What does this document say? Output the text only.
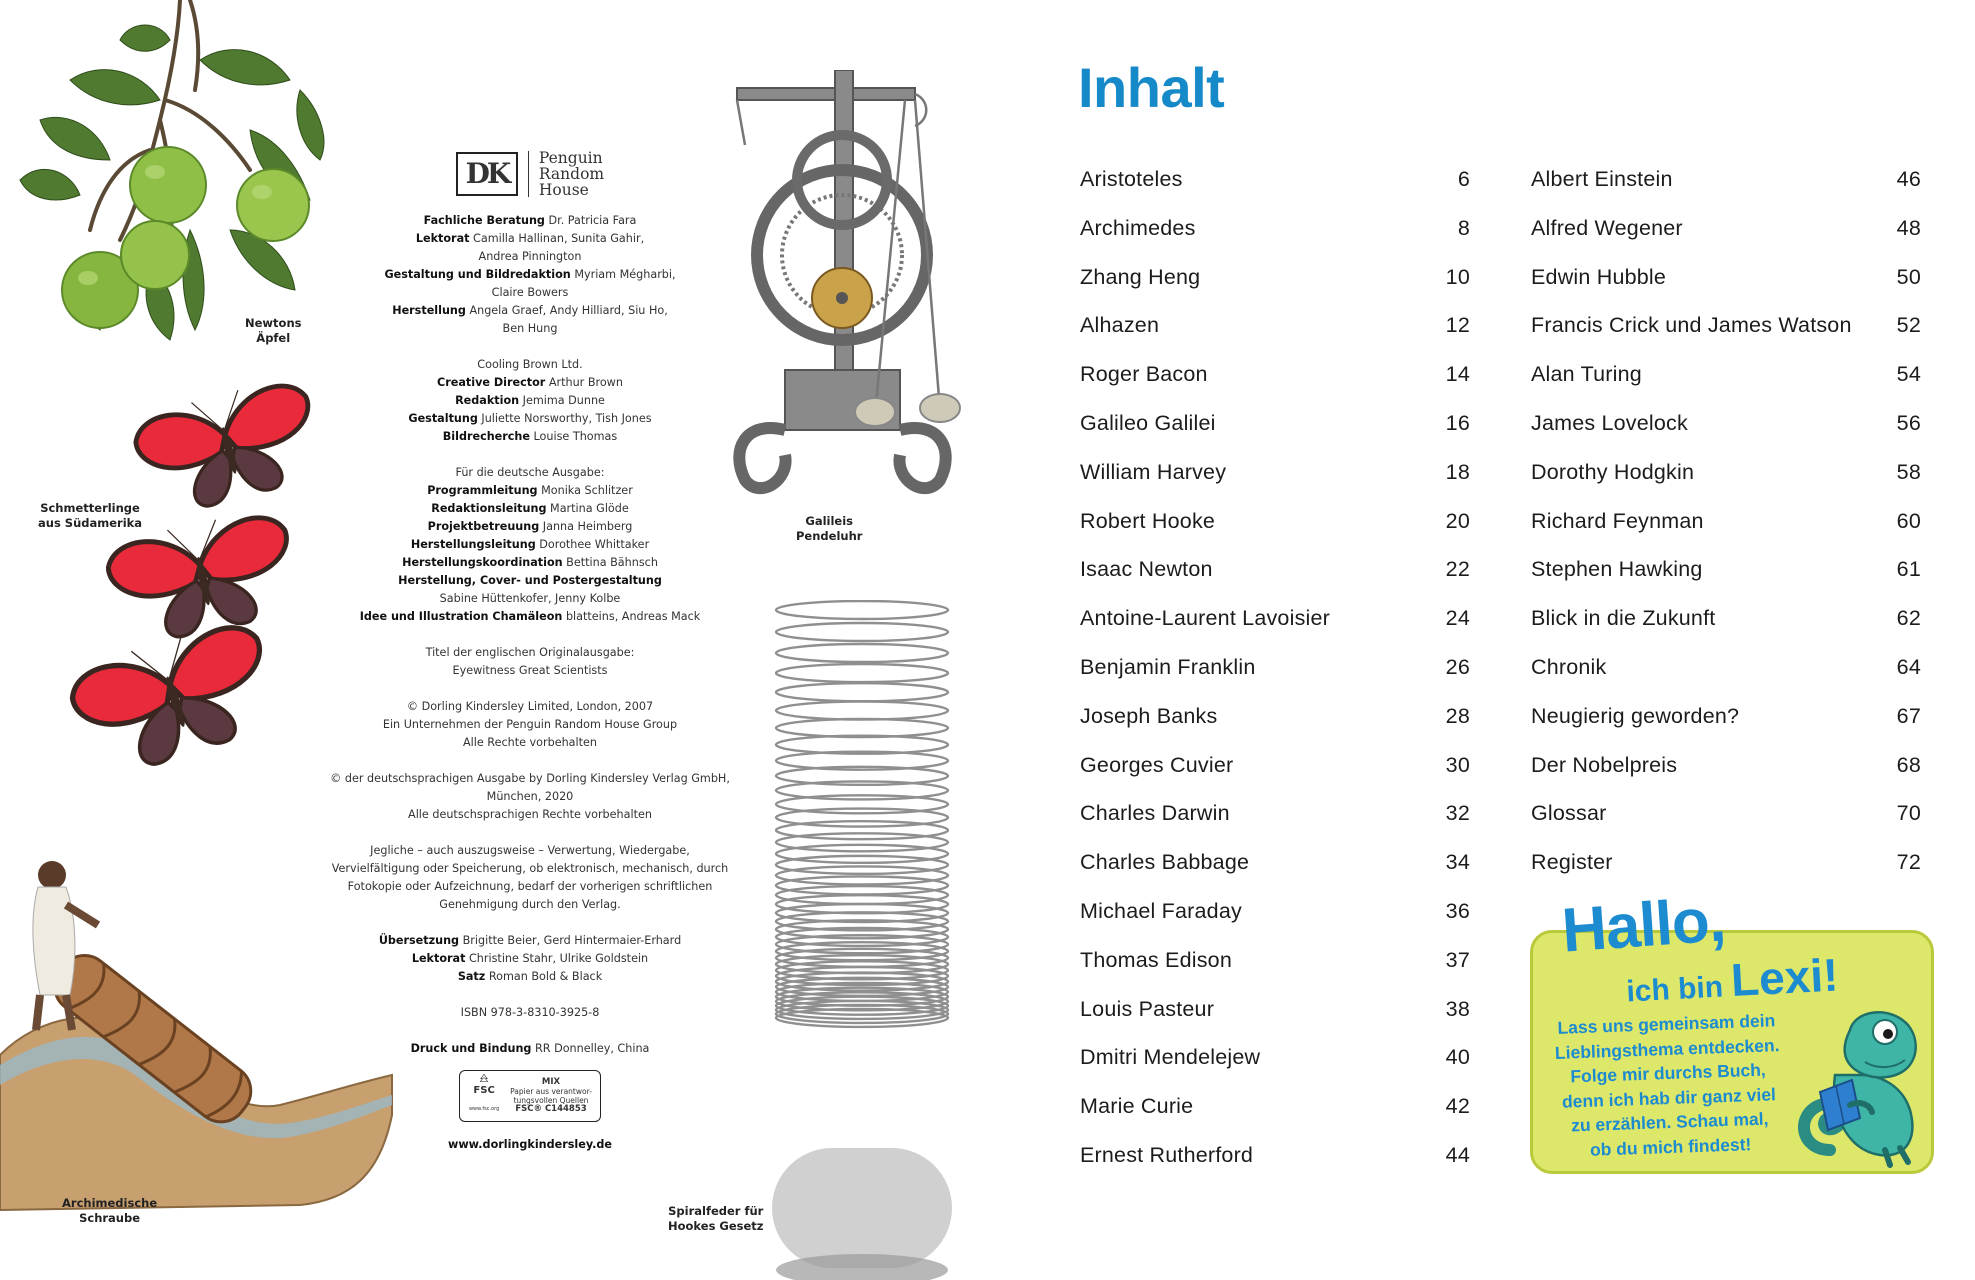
Newtons
Äpfel
Schmetterlinge
aus Südamerika
Archimedische
Schraube
DK	Penguin
Random
House
Fachliche Beratung Dr. Patricia Fara
Lektorat Camilla Hallinan, Sunita Gahir,
Andrea Pinnington
Gestaltung und Bildredaktion Myriam Mégharbi,
Claire Bowers
Herstellung Angela Graef, Andy Hilliard, Siu Ho,
Ben Hung
Cooling Brown Ltd.
Creative Director Arthur Brown
Redaktion Jemima Dunne
Gestaltung Juliette Norsworthy, Tish Jones
Bildrecherche Louise Thomas
Für die deutsche Ausgabe:
Programmleitung Monika Schlitzer
Redaktionsleitung Martina Glöde
Projektbetreuung Janna Heimberg
Herstellungsleitung Dorothee Whittaker
Herstellungskoordination Bettina Bähnsch
Herstellung, Cover- und Postergestaltung
Sabine Hüttenkofer, Jenny Kolbe
Idee und Illustration Chamäleon blatteins, Andreas Mack
Titel der englischen Originalausgabe:
Eyewitness Great Scientists
© Dorling Kindersley Limited, London, 2007
Ein Unternehmen der Penguin Random House Group
Alle Rechte vorbehalten
© der deutschsprachigen Ausgabe by Dorling Kindersley Verlag GmbH,
München, 2020
Alle deutschsprachigen Rechte vorbehalten
Jegliche – auch auszugsweise – Verwertung, Wiedergabe,
Vervielfältigung oder Speicherung, ob elektronisch, mechanisch, durch
Fotokopie oder Aufzeichnung, bedarf der vorherigen schriftlichen
Genehmigung durch den Verlag.
Übersetzung Brigitte Beier, Gerd Hintermaier-Erhard
Lektorat Christine Stahr, Ulrike Goldstein
Satz Roman Bold & Black
ISBN 978-3-8310-3925-8
Druck und Bindung RR Donnelley, China
FSC
www.fsc.org
MIX
Papier aus verantwor-
tungsvollen Quellen
FSC® C144853
www.dorlingkindersley.de
Galileis
Pendeluhr
Spiralfeder für
Hookes Gesetz
Inhalt
Aristoteles	6
Archimedes	8
Zhang Heng	10
Alhazen	12
Roger Bacon	14
Galileo Galilei	16
William Harvey	18
Robert Hooke	20
Isaac Newton	22
Antoine-Laurent Lavoisier	24
Benjamin Franklin	26
Joseph Banks	28
Georges Cuvier	30
Charles Darwin	32
Charles Babbage	34
Michael Faraday	36
Thomas Edison	37
Louis Pasteur	38
Dmitri Mendelejew	40
Marie Curie	42
Ernest Rutherford	44
Albert Einstein	46
Alfred Wegener	48
Edwin Hubble	50
Francis Crick und James Watson 52
Alan Turing	54
James Lovelock	56
Dorothy Hodgkin	58
Richard Feynman	60
Stephen Hawking	61
Blick in die Zukunft	62
Chronik	64
Neugierig geworden?	67
Der Nobelpreis	68
Glossar	70
Register	72
Hallo,
ich bin Lexi!
Lass uns gemeinsam dein
Lieblingsthema entdecken.
Folge mir durchs Buch,
denn ich hab dir ganz viel
zu erzählen. Schau mal,
ob du mich findest!
